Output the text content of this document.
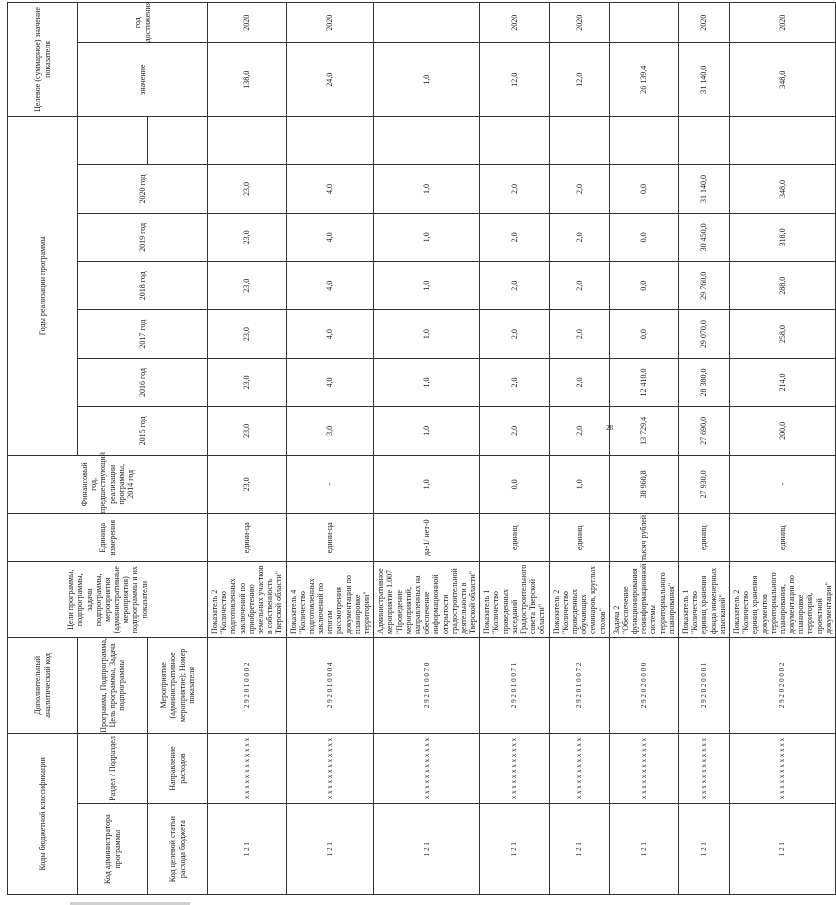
28
Коды бюджетной классификации		Дополнительный аналитический код	Цели программы, подпрограммы, задачи подпрограммы, мероприятия (административные мероприятия) подпрограммы и их показатели	Единица измерения	Финансовый год, предшествующий реализации программы, 2014 год	Годы реализации программы							Целевое (суммарное) значение показателя	
Код администратора программы	Раздел / Подраздел	Программа, Подпрограмма, Цель программы, Задача подпрограммы				2015 год	2016 год	2017 год	2018 год	2019 год	2020 год		значение	год достижения
Код целевой статьи расхода бюджета	Направление расходов	Мероприятие (административное мероприятие); Номер показателя												
1 2 1	x x x x x x x x x x x x	2 9 2 0 1 0 0 0 2	Показатель 2 "Количество подготовленных заключений по приобретению земельных участков в собственность Тверской области"	едини-ца	23,0	23,0	23,0	23,0	23,0	23,0	23,0		138,0	2020
1 2 1	x x x x x x x x x x x x	2 9 2 0 1 0 0 0 4	Показатель 4 "Количество подготовленных заключений по итогам рассмотрения документации по планировке территории"	едини-ца	-	3,0	4,0	4,0	4,0	4,0	4,0		24,0	2020
1 2 1	x x x x x x x x x x x x	2 9 2 0 1 0 0 7 0	Административное мероприятие 1.007 "Проведение мероприятий, направленных на обеспечение информационной открытости градостроительной деятельности в Тверской области"	да-1/ нет-0	1,0	1,0	1,0	1,0	1,0	1,0	1,0		1,0	
1 2 1	x x x x x x x x x x x x	2 9 2 0 1 0 0 7 1	Показатель 1 "Количество проведенных заседаний Градостроительного совета Тверской области"	единиц	0,0	2,0	2,0	2,0	2,0	2,0	2,0		12,0	2020
1 2 1	x x x x x x x x x x x x	2 9 2 0 1 0 0 7 2	Показатель 2 "Количество проведенных обучающих семинаров, круглых столов"	единиц	1,0	2,0	2,0	2,0	2,0	2,0	2,0		12,0	2020
1 2 1	x x x x x x x x x x x x	2 9 2 0 2 0 0 0 0	Задача 2 "Обеспечение функционирования геоинформационной системы территориального планирования"	тысяч рублей	38 960,8	13 729,4	12 410,0	0,0	0,0	0,0	0,0		26 139,4	
1 2 1	x x x x x x x x x x x x	2 9 2 0 2 0 0 0 1	Показатель 1 "Количество единиц хранения фонда инженерных изысканий"	единиц	27 930,0	27 690,0	28 380,0	29 070,0	29 760,0	30 450,0	31 140,0		31 140,0	2020
1 2 1	x x x x x x x x x x x x	2 9 2 0 2 0 0 0 2	Показатель 2 "Количество единиц хранения документов территориального планирования, документации по планировке территорий, проектной документации"	единиц	-	200,0	214,0	258,0	288,0	318,0	348,0		348,0	2020
